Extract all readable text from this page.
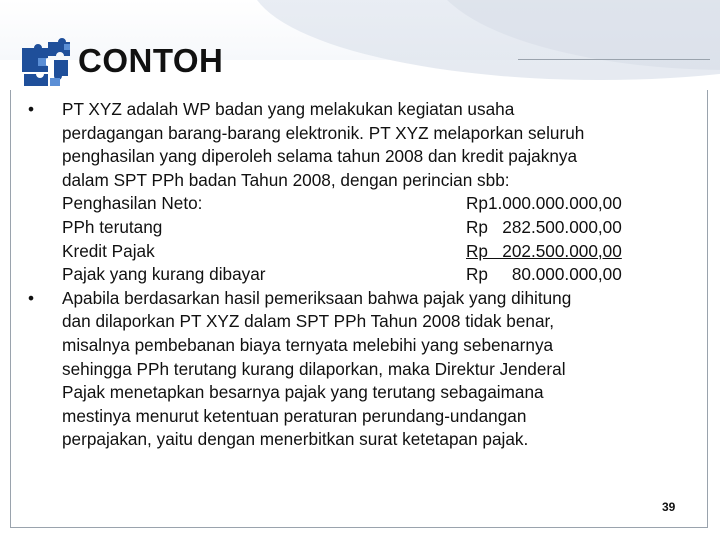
CONTOH
• PT XYZ adalah WP badan yang melakukan kegiatan usaha
perdagangan barang-barang elektronik. PT XYZ melaporkan seluruh
penghasilan yang diperoleh selama tahun 2008 dan kredit pajaknya
dalam SPT PPh badan Tahun 2008, dengan perincian sbb:
Penghasilan Neto:	Rp1.000.000.000,00
PPh terutang	Rp   282.500.000,00
Kredit Pajak	Rp   202.500.000,00
Pajak yang kurang dibayar	Rp     80.000.000,00
• Apabila berdasarkan hasil pemeriksaan bahwa pajak yang dihitung
dan dilaporkan PT XYZ dalam SPT PPh Tahun 2008 tidak benar,
misalnya pembebanan biaya ternyata melebihi yang sebenarnya
sehingga PPh terutang kurang dilaporkan, maka Direktur Jenderal
Pajak menetapkan besarnya pajak yang terutang sebagaimana
mestinya menurut ketentuan peraturan perundang-undangan
perpajakan, yaitu dengan menerbitkan surat ketetapan pajak.
39
